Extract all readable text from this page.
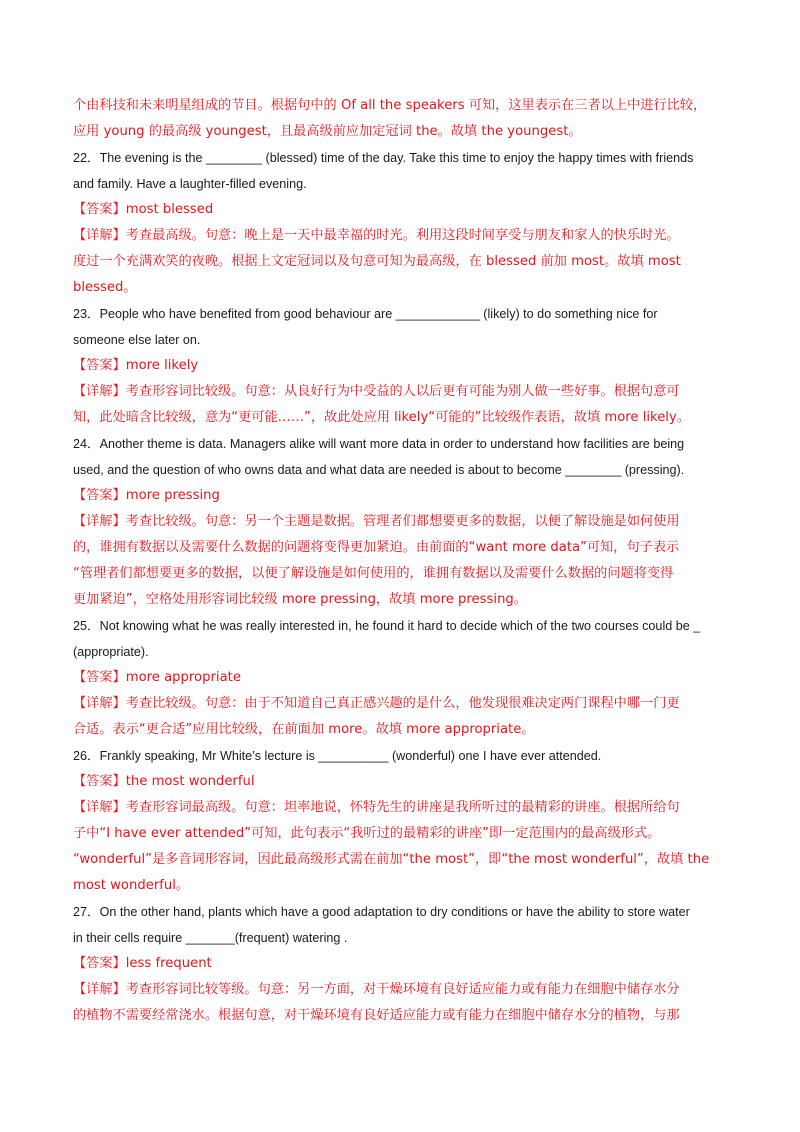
个由科技和未来明星组成的节目。根据句中的 Of all the speakers 可知，这里表示在三者以上中进行比较，
应用 young 的最高级 youngest，且最高级前应加定冠词 the。故填 the youngest。
22．The evening is the ________ (blessed) time of the day. Take this time to enjoy the happy times with friends
and family. Have a laughter-filled evening.
【答案】most blessed
【详解】考查最高级。句意：晚上是一天中最幸福的时光。利用这段时间享受与朋友和家人的快乐时光。
度过一个充满欢笑的夜晚。根据上文定冠词以及句意可知为最高级，在 blessed 前加 most。故填 most
blessed。
23．People who have benefited from good behaviour are ____________ (likely) to do something nice for
someone else later on.
【答案】more likely
【详解】考查形容词比较级。句意：从良好行为中受益的人以后更有可能为别人做一些好事。根据句意可
知，此处暗含比较级，意为“更可能……”，故此处应用 likely“可能的”比较级作表语，故填 more likely。
24．Another theme is data. Managers alike will want more data in order to understand how facilities are being
used, and the question of who owns data and what data are needed is about to become ________ (pressing).
【答案】more pressing
【详解】考查比较级。句意：另一个主题是数据。管理者们都想要更多的数据，以便了解设施是如何使用
的，谁拥有数据以及需要什么数据的问题将变得更加紧迫。由前面的“want more data”可知，句子表示
“管理者们都想要更多的数据，以便了解设施是如何使用的，谁拥有数据以及需要什么数据的问题将变得
更加紧迫”，空格处用形容词比较级 more pressing，故填 more pressing。
25．Not knowing what he was really interested in, he found it hard to decide which of the two courses could be _
(appropriate).
【答案】more appropriate
【详解】考查比较级。句意：由于不知道自己真正感兴趣的是什么，他发现很难决定两门课程中哪一门更
合适。表示“更合适”应用比较级，在前面加 more。故填 more appropriate。
26．Frankly speaking, Mr White’s lecture is __________ (wonderful) one I have ever attended.
【答案】the most wonderful
【详解】考查形容词最高级。句意：坦率地说，怀特先生的讲座是我所听过的最精彩的讲座。根据所给句
子中“I have ever attended”可知，此句表示“我听过的最精彩的讲座”即一定范围内的最高级形式。
“wonderful”是多音词形容词，因此最高级形式需在前加“the most”，即“the most wonderful”，故填 the
most wonderful。
27．On the other hand, plants which have a good adaptation to dry conditions or have the ability to store water
in their cells require _______(frequent) watering .
【答案】less frequent
【详解】考查形容词比较等级。句意：另一方面，对干燥环境有良好适应能力或有能力在细胞中储存水分
的植物不需要经常浇水。根据句意，对干燥环境有良好适应能力或有能力在细胞中储存水分的植物，与那
